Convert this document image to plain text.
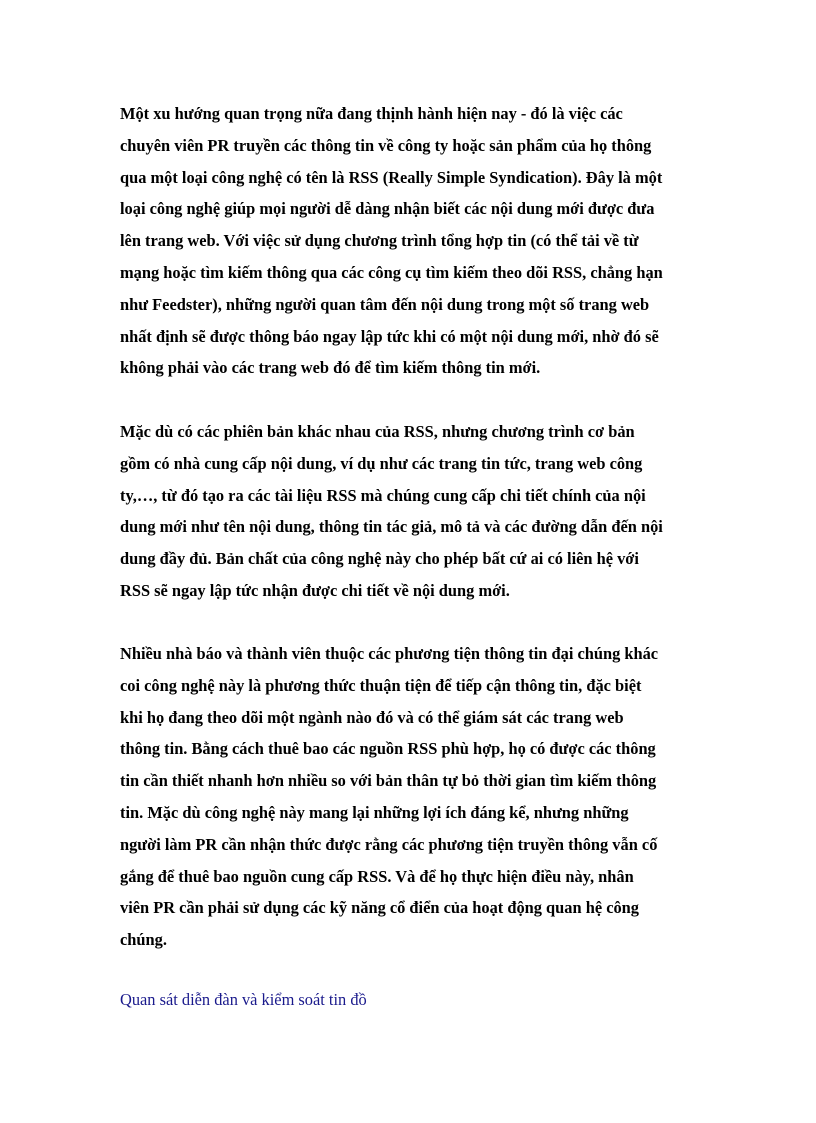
Một xu hướng quan trọng nữa đang thịnh hành hiện nay - đó là việc các
chuyên viên PR truyền các thông tin về công ty hoặc sản phẩm của họ thông
qua một loại công nghệ có tên là RSS (Really Simple Syndication). Đây là một
loại công nghệ giúp mọi người dễ dàng nhận biết các nội dung mới được đưa
lên trang web. Với việc sử dụng chương trình tổng hợp tin (có thể tải về từ
mạng hoặc tìm kiếm thông qua các công cụ tìm kiếm theo dõi RSS, chẳng hạn
như Feedster), những người quan tâm đến nội dung trong một số trang web
nhất định sẽ được thông báo ngay lập tức khi có một nội dung mới, nhờ đó sẽ
không phải vào các trang web đó để tìm kiếm thông tin mới.
Mặc dù có các phiên bản khác nhau của RSS, nhưng chương trình cơ bản
gồm có nhà cung cấp nội dung, ví dụ như các trang tin tức, trang web công
ty,…, từ đó tạo ra các tài liệu RSS mà chúng cung cấp chi tiết chính của nội
dung mới như tên nội dung, thông tin tác giả, mô tả và các đường dẫn đến nội
dung đầy đủ. Bản chất của công nghệ này cho phép bất cứ ai có liên hệ với
RSS sẽ ngay lập tức nhận được chi tiết về nội dung mới.
Nhiều nhà báo và thành viên thuộc các phương tiện thông tin đại chúng khác
coi công nghệ này là phương thức thuận tiện để tiếp cận thông tin, đặc biệt
khi họ đang theo dõi một ngành nào đó và có thể giám sát các trang web
thông tin. Bằng cách thuê bao các nguồn RSS phù hợp, họ có được các thông
tin cần thiết nhanh hơn nhiều so với bản thân tự bỏ thời gian tìm kiếm thông
tin. Mặc dù công nghệ này mang lại những lợi ích đáng kể, nhưng những
người làm PR cần nhận thức được rằng các phương tiện truyền thông vẫn cố
gắng để thuê bao nguồn cung cấp RSS. Và để họ thực hiện điều này, nhân
viên PR cần phải sử dụng các kỹ năng cổ điển của hoạt động quan hệ công
chúng.

Quan sát diễn đàn và kiểm soát tin đồ
